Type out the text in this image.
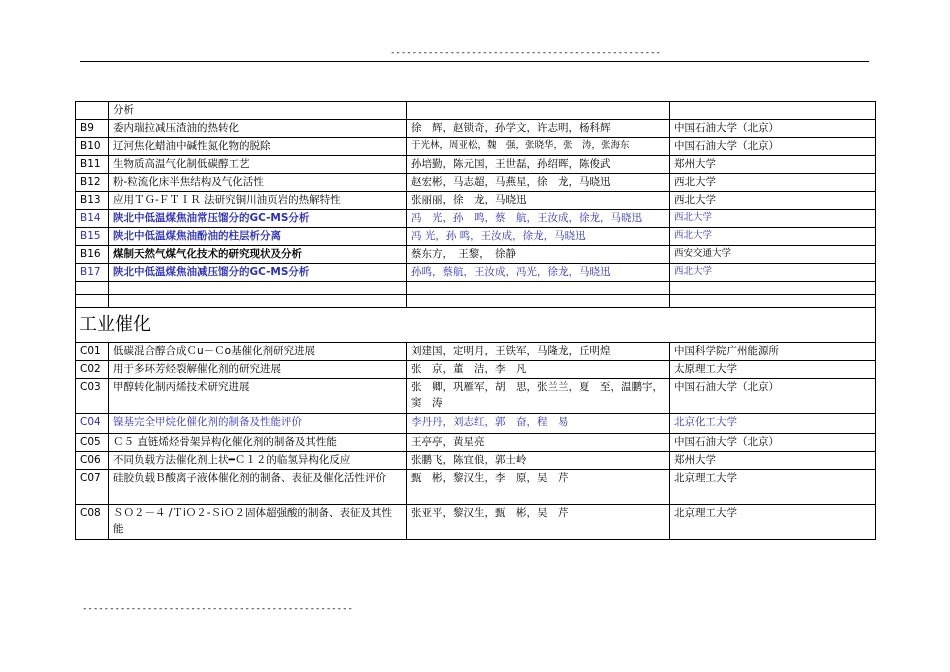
--------------------------------------------------
	分析		
B9	委内瑞拉减压渣油的热转化	徐　辉，赵锁奇，孙学文，许志明，杨科辉	中国石油大学（北京）
B10	辽河焦化蜡油中碱性氮化物的脱除	于光林，周亚松，魏　强，张晓华，张　涛，张海东	中国石油大学（北京）
B11	生物质高温气化制低碳醇工艺	孙培勤，陈元国，王世磊，孙绍晖，陈俊武	郑州大学
B12	粉-粒流化床半焦结构及气化活性	赵宏彬，马志超，马燕星，徐　龙，马晓迅	西北大学
B13	应用ＴＧ-ＦＴＩＲ 法研究铜川油页岩的热解特性	张丽丽，徐　龙，马晓迅	西北大学
B14	陕北中低温煤焦油常压馏分的GC-MS分析	冯　光，孙　鸣，蔡　航，王汝成，徐龙，马晓迅	西北大学
B15	陕北中低温煤焦油酚油的柱层析分离	冯 光，孙 鸣，王汝成，徐龙，马晓迅	西北大学
B16	煤制天然气煤气化技术的研究现状及分析	蔡东方，　王黎，　徐静	西安交通大学
B17	陕北中低温煤焦油减压馏分的GC-MS分析	孙鸣，蔡航，王汝成，冯光，徐龙，马晓迅	西北大学

工业催化			
C01	低碳混合醇合成Ｃu－Ｃo基催化剂研究进展	刘建国，定明月，王铁军，马隆龙，丘明煌	中国科学院广州能源所
C02	用于多环芳烃裂解催化剂的研究进展	张　京，董　洁，李　凡	太原理工大学
C03	甲醇转化制丙烯技术研究进展	张　卿，巩雁军，胡　思，张兰兰，夏　至，温鹏宇，窦　涛	中国石油大学（北京）
C04	镍基完全甲烷化催化剂的制备及性能评价	李丹丹，刘志红，郭　奋，程　易	北京化工大学
C05	Ｃ５ 直链烯烃骨架异构化催化剂的制备及其性能	王亭亭，黄星亮	中国石油大学（北京）
C06	不同负载方法催化剂上状━Ｃ１２的临氢异构化反应	张鹏飞，陈宜俍，郭士岭	郑州大学
C07	硅胶负载Ｂ酸离子液体催化剂的制备、表征及催化活性评价	甄　彬，黎汉生，李　原，吴　芹	北京理工大学
C08	ＳＯ２－４ /ＴiＯ２-ＳiＯ２固体超强酸的制备、表征及其性能	张亚平，黎汉生，甄　彬，吴　芹	北京理工大学
--------------------------------------------------
